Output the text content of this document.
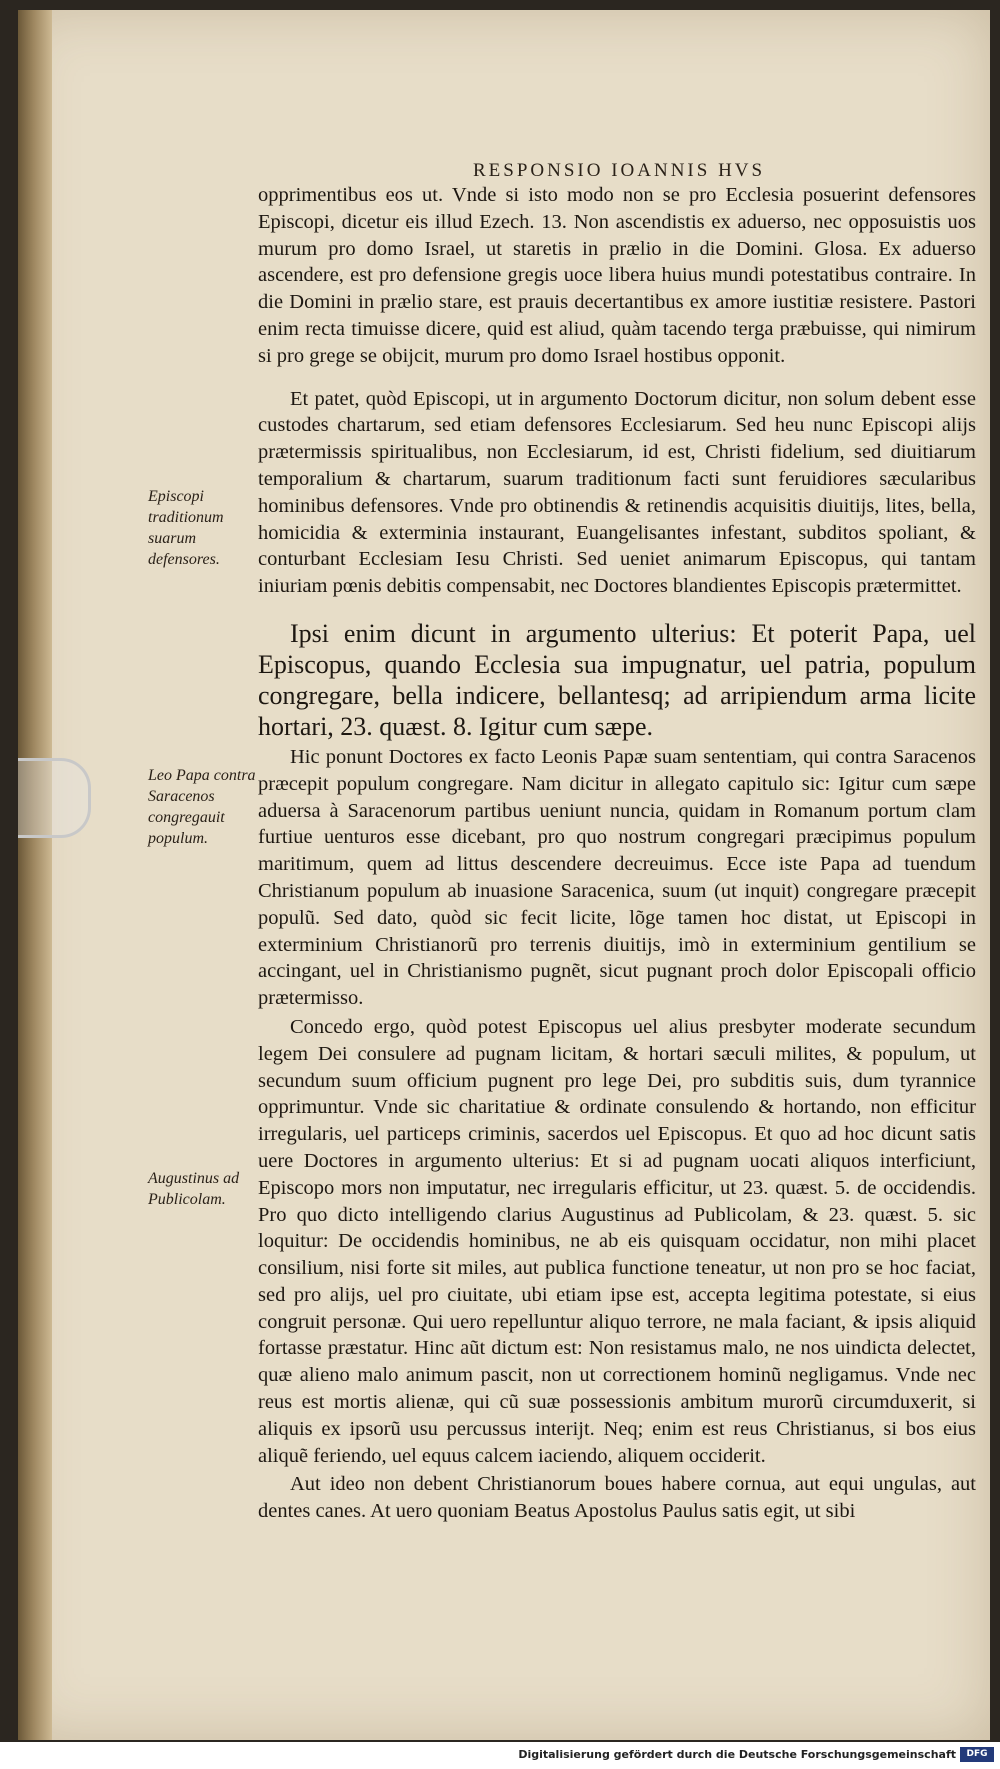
RESPONSIO IOANNIS HVS

opprimentibus eos ut. Vnde si isto modo non se pro Ecclesia posuerint defensores Episcopi, dicetur eis illud Ezech. 13. Non ascendistis ex aduerso, nec opposuistis uos murum pro domo Israel, ut staretis in prælio in die Domini. Glosa. Ex aduerso ascendere, est pro defensione gregis uoce libera huius mundi potestatibus contraire. In die Domini in prælio stare, est prauis decertantibus ex amore iustitiæ resistere. Pastori enim recta timuisse dicere, quid est aliud, quàm tacendo terga præbuisse, qui nimirum si pro grege se obijcit, murum pro domo Israel hostibus opponit.

Et patet, quòd Episcopi, ut in argumento Doctorum dicitur, non solum debent esse custodes chartarum, sed etiam defensores Ecclesiarum. Sed heu nunc Episcopi alijs prætermissis spiritualibus, non Ecclesiarum, id est, Christi fidelium, sed diuitiarum temporalium & chartarum, suarum traditionum facti sunt feruidiores sæcularibus hominibus defensores. Vnde pro obtinendis & retinendis acquisitis diuitijs, lites, bella, homicidia & exterminia instaurant, Euangelisantes infestant, subditos spoliant, & conturbant Ecclesiam Iesu Christi. Sed ueniet animarum Episcopus, qui tantam iniuriam pœnis debitis compensabit, nec Doctores blandientes Episcopis prætermittet.

Ipsi enim dicunt in argumento ulterius: Et poterit Papa, uel Episcopus, quando Ecclesia sua impugnatur, uel patria, populum congregare, bella indicere, bellantesq; ad arripiendum arma licite hortari, 23. quæst. 8. Igitur cum sæpe.

Hic ponunt Doctores ex facto Leonis Papæ suam sententiam, qui contra Saracenos præcepit populum congregare. Nam dicitur in allegato capitulo sic: Igitur cum sæpe aduersa à Saracenorum partibus ueniunt nuncia, quidam in Romanum portum clam furtiue uenturos esse dicebant, pro quo nostrum congregari præcipimus populum maritimum, quem ad littus descendere decreuimus. Ecce iste Papa ad tuendum Christianum populum ab inuasione Saracenica, suum (ut inquit) congregare præcepit populũ. Sed dato, quòd sic fecit licite, lõge tamen hoc distat, ut Episcopi in exterminium Christianorũ pro terrenis diuitijs, imò in exterminium gentilium se accingant, uel in Christianismo pugnẽt, sicut pugnant proch dolor Episcopali officio prætermisso.

Concedo ergo, quòd potest Episcopus uel alius presbyter moderate secundum legem Dei consulere ad pugnam licitam, & hortari sæculi milites, & populum, ut secundum suum officium pugnent pro lege Dei, pro subditis suis, dum tyrannice opprimuntur. Vnde sic charitatiue & ordinate consulendo & hortando, non efficitur irregularis, uel particeps criminis, sacerdos uel Episcopus. Et quo ad hoc dicunt satis uere Doctores in argumento ulterius: Et si ad pugnam uocati aliquos interficiunt, Episcopo mors non imputatur, nec irregularis efficitur, ut 23. quæst. 5. de occidendis. Pro quo dicto intelligendo clarius Augustinus ad Publicolam, & 23. quæst. 5. sic loquitur: De occidendis hominibus, ne ab eis quisquam occidatur, non mihi placet consilium, nisi forte sit miles, aut publica functione teneatur, ut non pro se hoc faciat, sed pro alijs, uel pro ciuitate, ubi etiam ipse est, accepta legitima potestate, si eius congruit personæ. Qui uero repelluntur aliquo terrore, ne mala faciant, & ipsis aliquid fortasse præstatur. Hinc aũt dictum est: Non resistamus malo, ne nos uindicta delectet, quæ alieno malo animum pascit, non ut correctionem hominũ negligamus. Vnde nec reus est mortis alienæ, qui cũ suæ possessionis ambitum murorũ circumduxerit, si aliquis ex ipsorũ usu percussus interijt. Neq; enim est reus Christianus, si bos eius aliquẽ feriendo, uel equus calcem iaciendo, aliquem occiderit.

Aut ideo non debent Christianorum boues habere cornua, aut equi ungulas, aut dentes canes. At uero quoniam Beatus Apostolus Paulus satis egit, ut sibi

Episcopi traditionum suarum defensores.
Leo Papa contra Saracenos congregauit populum.
Augustinus ad Publicolam.
Digitalisierung gefördert durch die Deutsche Forschungsgemeinschaft	DFG
